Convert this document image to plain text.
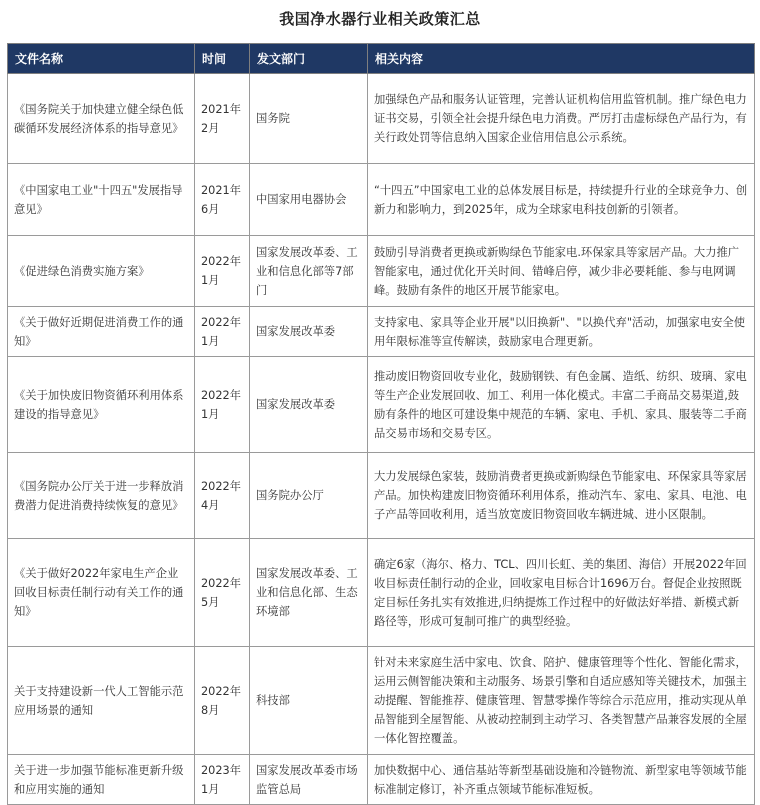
我国净水器行业相关政策汇总
文件名称	时间	发文部门	相关内容
《国务院关于加快建立健全绿色低碳循环发展经济体系的指导意见》	2021年2月	国务院	加强绿色产品和服务认证管理，完善认证机构信用监管机制。推广绿色电力证书交易，引领全社会提升绿色电力消费。严厉打击虚标绿色产品行为，有关行政处罚等信息纳入国家企业信用信息公示系统。
《中国家电工业"十四五"发展指导意见》	2021年6月	中国家用电器协会	“十四五”中国家电工业的总体发展目标是，持续提升行业的全球竞争力、创新力和影响力，到2025年，成为全球家电科技创新的引领者。
《促进绿色消费实施方案》	2022年1月	国家发展改革委、工业和信息化部等7部门	鼓励引导消费者更换或新购绿色节能家电.环保家具等家居产品。大力推广智能家电，通过优化开关时间、错峰启停，减少非必要耗能、参与电网调峰。鼓励有条件的地区开展节能家电。
《关于做好近期促进消费工作的通知》	2022年1月	国家发展改革委	支持家电、家具等企业开展"以旧换新"、"以换代弃"活动，加强家电安全使用年限标准等宣传解读，鼓励家电合理更新。
《关于加快废旧物资循环利用体系建设的指导意见》	2022年1月	国家发展改革委	推动废旧物资回收专业化，鼓励钢铁、有色金属、造纸、纺织、玻璃、家电等生产企业发展回收、加工、利用一体化模式。丰富二手商品交易渠道,鼓励有条件的地区可建设集中规范的车辆、家电、手机、家具、服装等二手商品交易市场和交易专区。
《国务院办公厅关于进一步释放消费潜力促进消费持续恢复的意见》	2022年4月	国务院办公厅	大力发展绿色家装，鼓励消费者更换或新购绿色节能家电、环保家具等家居产品。加快构建废旧物资循环利用体系，推动汽车、家电、家具、电池、电子产品等回收利用，适当放宽废旧物资回收车辆进城、进小区限制。
《关于做好2022年家电生产企业回收目标责任制行动有关工作的通知》	2022年5月	国家发展改革委、工业和信息化部、生态环境部	确定6家（海尔、格力、TCL、四川长虹、美的集团、海信）开展2022年回收目标责任制行动的企业，回收家电目标合计1696万台。督促企业按照既定目标任务扎实有效推进,归纳提炼工作过程中的好做法好举措、新模式新路径等，形成可复制可推广的典型经验。
关于支持建设新一代人工智能示范应用场景的通知	2022年8月	科技部	针对未来家庭生活中家电、饮食、陪护、健康管理等个性化、智能化需求，运用云侧智能决策和主动服务、场景引擎和自适应感知等关键技术，加强主动提醒、智能推荐、健康管理、智慧零操作等综合示范应用，推动实现从单品智能到全屋智能、从被动控制到主动学习、各类智慧产品兼容发展的全屋一体化智控覆盖。
关于进一步加强节能标准更新升级和应用实施的通知	2023年1月	国家发展改革委市场监管总局	加快数据中心、通信基站等新型基础设施和冷链物流、新型家电等领域节能标准制定修订，补齐重点领域节能标准短板。
